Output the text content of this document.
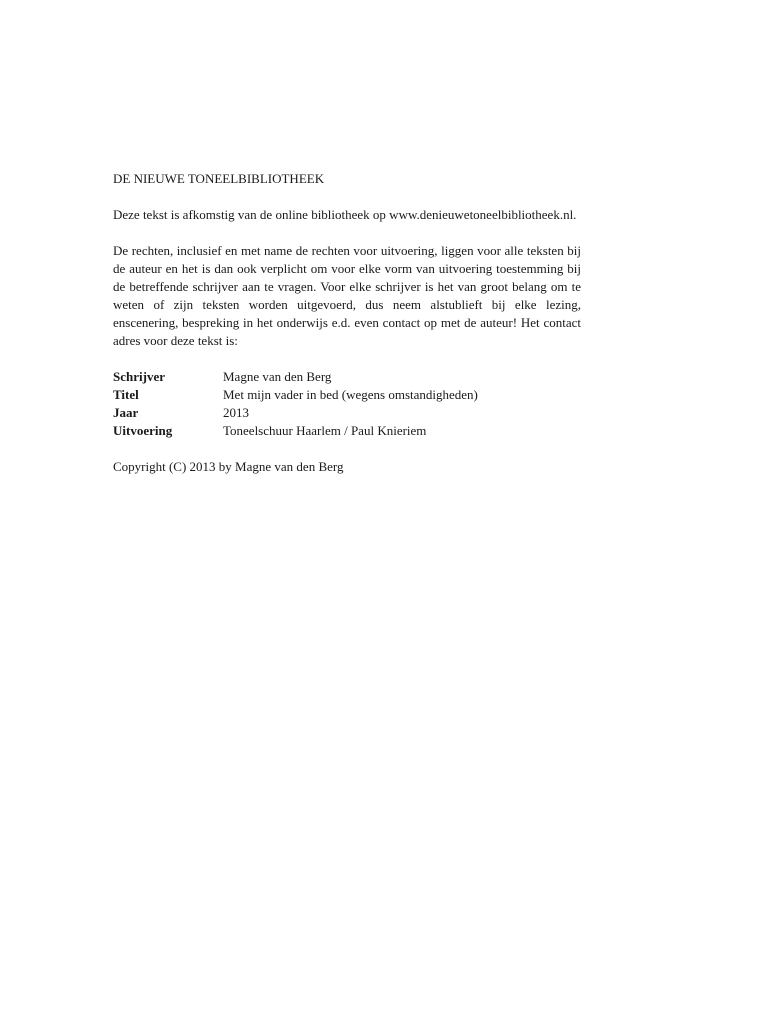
DE NIEUWE TONEELBIBLIOTHEEK

Deze tekst is afkomstig van de online bibliotheek op www.denieuwetoneelbibliotheek.nl.

De rechten, inclusief en met name de rechten voor uitvoering, liggen voor alle teksten bij de auteur en het is dan ook verplicht om voor elke vorm van uitvoering toestemming bij de betreffende schrijver aan te vragen. Voor elke schrijver is het van groot belang om te weten of zijn teksten worden uitgevoerd, dus neem alstublieft bij elke lezing, enscenering, bespreking in het onderwijs e.d. even contact op met de auteur! Het contact adres voor deze tekst is:

Schrijver	Magne van den Berg
Titel	Met mijn vader in bed (wegens omstandigheden)
Jaar	2013
Uitvoering	Toneelschuur Haarlem / Paul Knieriem

Copyright (C) 2013 by Magne van den Berg
